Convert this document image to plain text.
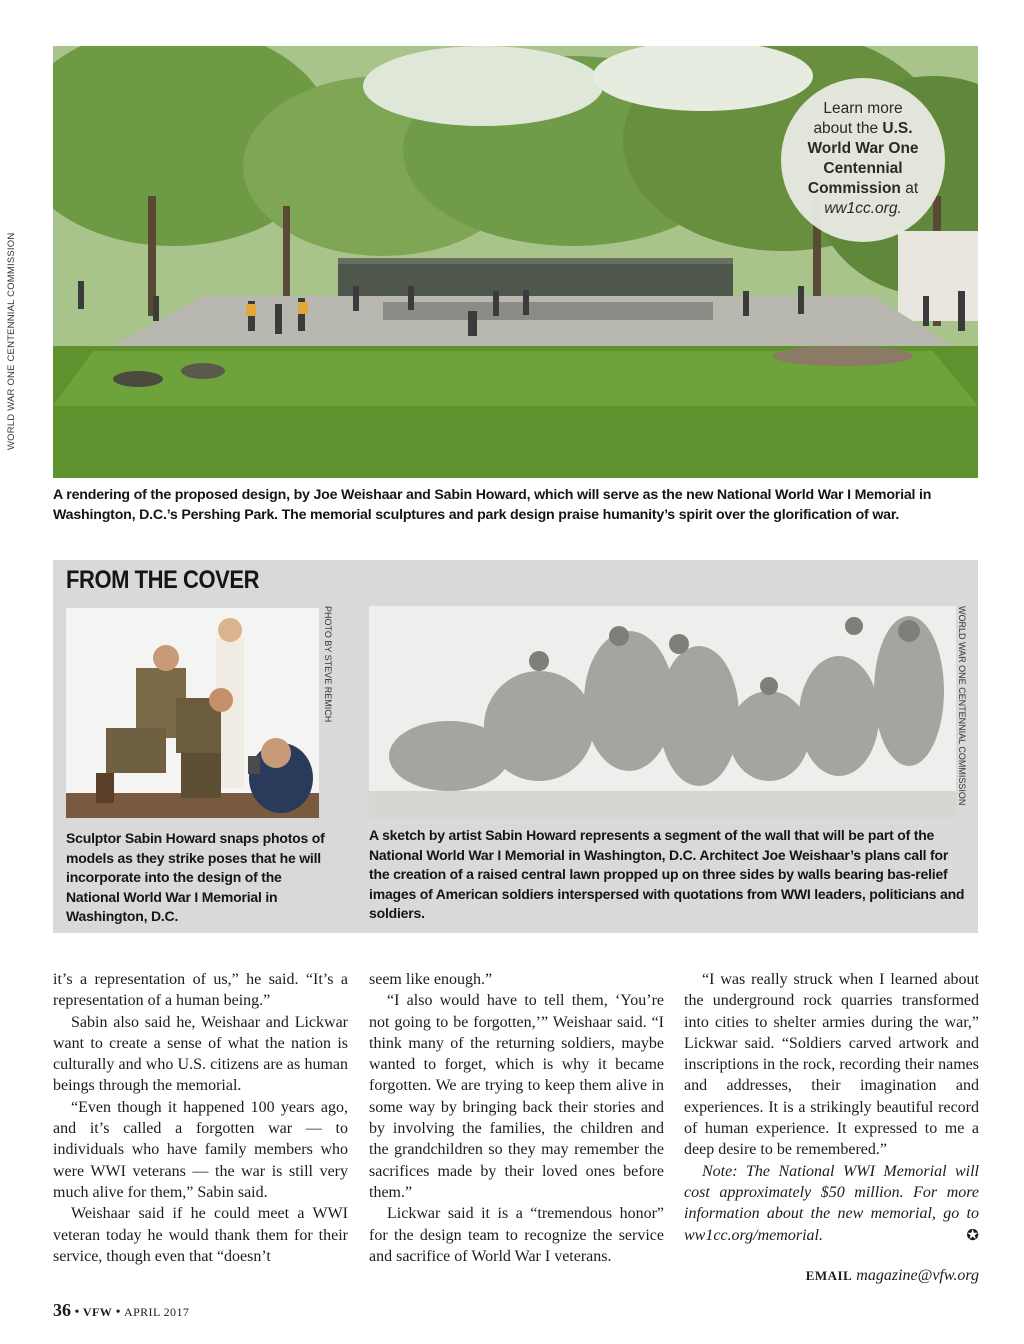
WORLD WAR ONE CENTENNIAL COMMISSION
Learn more
about the U.S.
World War One
Centennial
Commission at
ww1cc.org.
A rendering of the proposed design, by Joe Weishaar and Sabin Howard, which will serve as the new National World War I Memorial in Washington, D.C.’s Pershing Park. The memorial sculptures and park design praise humanity’s spirit over the glorification of war.
FROM THE COVER
PHOTO BY STEVE REMICH	WORLD WAR ONE CENTENNIAL COMMISSION
Sculptor Sabin Howard snaps photos of models as they strike poses that he will incorporate into the design of the National World War I Memorial in Washington, D.C.
A sketch by artist Sabin Howard represents a segment of the wall that will be part of the National World War I Memorial in Washington, D.C. Architect Joe Weishaar’s plans call for the creation of a raised central lawn propped up on three sides by walls bearing bas-relief images of American soldiers interspersed with quotations from WWI leaders, politicians and soldiers.

it’s a representation of us,” he said. “It’s a representation of a human being.”

Sabin also said he, Weishaar and Lickwar want to create a sense of what the nation is culturally and who U.S. citizens are as human beings through the memorial.

“Even though it happened 100 years ago, and it’s called a forgotten war — to individuals who have family members who were WWI veterans — the war is still very much alive for them,” Sabin said.

Weishaar said if he could meet a WWI veteran today he would thank them for their service, though even that “doesn’t

seem like enough.”

“I also would have to tell them, ‘You’re not going to be forgotten,’” Weishaar said. “I think many of the returning soldiers, maybe wanted to forget, which is why it became forgotten. We are trying to keep them alive in some way by bringing back their stories and by involving the families, the children and the grandchildren so they may remember the sacrifices made by their loved ones before them.”

Lickwar said it is a “tremendous honor” for the design team to recognize the service and sacrifice of World War I veterans.

“I was really struck when I learned about the underground rock quarries transformed into cities to shelter armies during the war,” Lickwar said. “Soldiers carved artwork and inscriptions in the rock, recording their names and addresses, their imagination and experiences. It is a strikingly beautiful record of human experience. It expressed to me a deep desire to be remembered.”

Note: The National WWI Memorial will cost approximately $50 million. For more information about the new memorial, go to ww1cc.org/memorial.	✪

EMAIL magazine@vfw.org
36 • VFW • APRIL 2017
